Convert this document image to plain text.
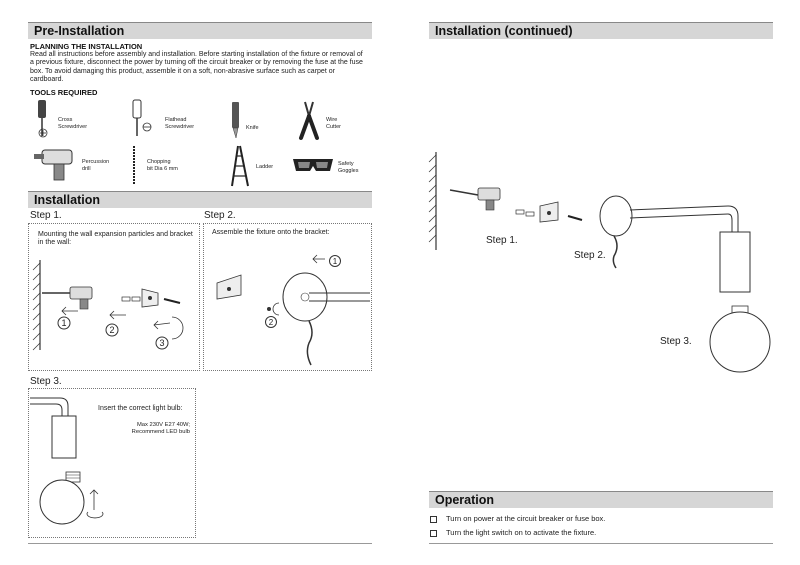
Pre-Installation
PLANNING THE INSTALLATION
Read all instructions before assembly and installation. Before starting installation of the fixture or removal of a previous fixture, disconnect the power by turning off the circuit breaker or by removing the fuse at the fuse box. To avoid damaging this product, assemble it on a soft, non-abrasive surface such as carpet or cardboard.
TOOLS REQUIRED
Cross
Screwdriver
Flathead
Screwdriver	Knife
Wire
Cutter
Percussion
drill
Chopping
bit Dia 6 mm	Ladder	Safety
Goggles
Installation
Step 1.	Step 2.
Mounting the wall expansion particles and bracket in the wall:
1
2
3
Assemble the fixture onto the bracket:
1
2
Step 3.
Insert the correct light bulb:
Max 230V E27 40W;
Recommend LED bulb
Installation (continued)
Step 1.
Step 2.
Step 3.
Operation
Turn on power at the circuit breaker or fuse box.
Turn the light switch on to activate the fixture.
